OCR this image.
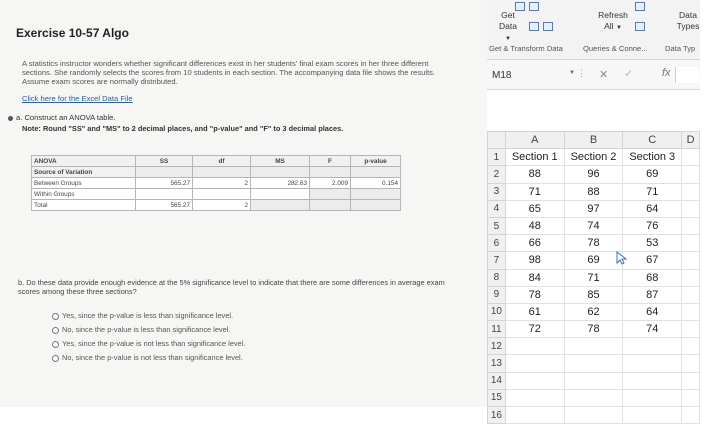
Exercise 10-57 Algo
A statistics instructor wonders whether significant differences exist in her students' final exam scores in her three different sections. She randomly selects the scores from 10 students in each section. The accompanying data file shows the results. Assume exam scores are normally distributed.
Click here for the Excel Data File
a. Construct an ANOVA table.
Note: Round "SS" and "MS" to 2 decimal places, and "p-value" and "F" to 3 decimal places.
ANOVA	SS	df	MS	F	p-value
Source of Variation					
Between Groups	565.27	2	282.63	2.009	0.154
Within Groups					
Total	565.27	2			
b. Do these data provide enough evidence at the 5% significance level to indicate that there are some differences in average exam scores among these three sections?
Yes, since the p-value is less than significance level.
No, since the p-value is less than significance level.
Yes, since the p-value is not less than significance level.
No, since the p-value is not less than significance level.
Get
Data ▼
Refresh
All ▼
Data
Types
Get & Transform Data	Queries & Conne... Data Typ
M18	▼ ⋮ ✕ ✓	fx
	A	B	C	D
1	Section 1	Section 2	Section 3	
2	88	96	69	
3	71	88	71	
4	65	97	64	
5	48	74	76	
6	66	78	53	
7	98	69	67	
8	84	71	68	
9	78	85	87	
10	61	62	64	
11	72	78	74	
12				
13				
14				
15				
16				
